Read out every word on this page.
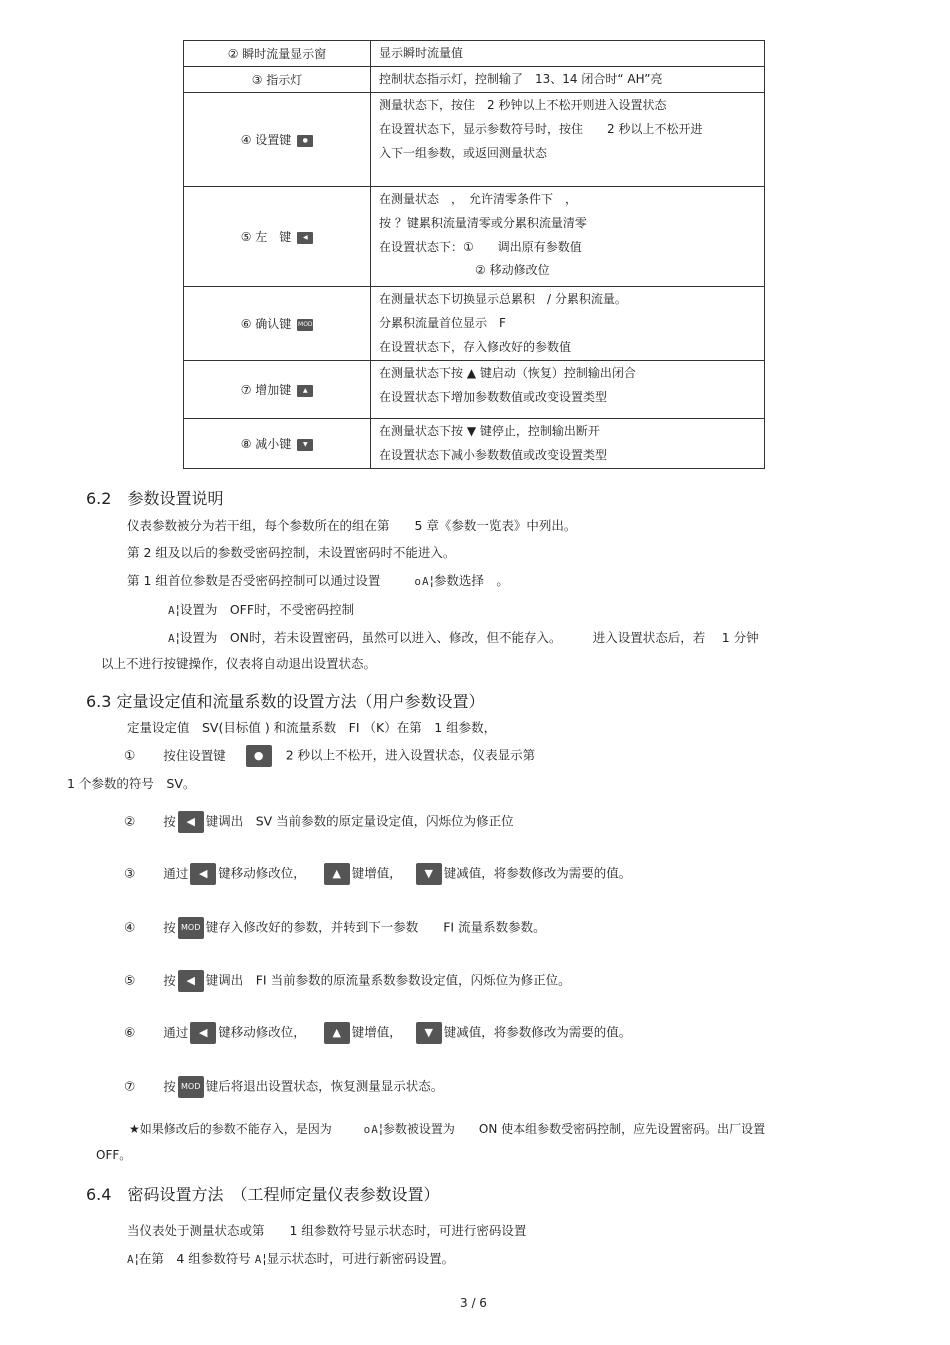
② 瞬时流量显示窗	显示瞬时流量值

③ 指示灯	控制状态指示灯，控制输了　13、14 闭合时“ AH”亮

④ 设置键 ●	测量状态下，按住　2 秒钟以上不松开则进入设置状态
在设置状态下，显示参数符号时，按住　　2 秒以上不松开进
入下一组参数，或返回测量状态

⑤ 左　键 ◀	在测量状态　，　允许清零条件下　，
按 ？键累积流量清零或分累积流量清零
在设置状态下：①　　调出原有参数值
　　　　　　　　② 移动修改位

⑥ 确认键 MOD	在测量状态下切换显示总累积　/ 分累积流量。
分累积流量首位显示　F
在设置状态下，存入修改好的参数值

⑦ 增加键 ▲	在测量状态下按 ▲ 键启动（恢复）控制输出闭合
在设置状态下增加参数数值或改变设置类型

⑧ 减小键 ▼	在测量状态下按 ▼ 键停止，控制输出断开
在设置状态下减小参数数值或改变设置类型
6.2　参数设置说明
仪表参数被分为若干组，每个参数所在的组在第　　5 章《参数一览表》中列出。
第 2 组及以后的参数受密码控制，未设置密码时不能进入。
第 1 组首位参数是否受密码控制可以通过设置	oA¦参数选择　。
A¦设置为　OFF时，不受密码控制
A¦设置为　ON时，若未设置密码，虽然可以进入、修改，但不能存入。　　　进入设置状态后，若　 1 分钟
以上不进行按键操作，仪表将自动退出设置状态。
6.3 定量设定值和流量系数的设置方法（用户参数设置）
定量设定值　SV(目标值 ) 和流量系数　FI （K）在第　1 组参数，
① 按住设置键	● 2 秒以上不松开，进入设置状态，仪表显示第
1 个参数的符号　SV。
② 按 ◀ 键调出　SV 当前参数的原定量设定值，闪烁位为修正位
③ 通过 ◀ 键移动修改位， ▲ 键增值， ▼ 键减值，将参数修改为需要的值。
④ 按 MOD 键存入修改好的参数，并转到下一参数　　FI 流量系数参数。
⑤ 按 ◀ 键调出　FI 当前参数的原流量系数参数设定值，闪烁位为修正位。
⑥ 通过 ◀ 键移动修改位， ▲ 键增值， ▼ 键减值，将参数修改为需要的值。
⑦ 按 MOD 键后将退出设置状态，恢复测量显示状态。
★如果修改后的参数不能存入，是因为	oA¦参数被设置为　　ON 使本组参数受密码控制，应先设置密码。出厂设置
OFF。
6.4　密码设置方法　（工程师定量仪表参数设置）
当仪表处于测量状态或第　　1 组参数符号显示状态时，可进行密码设置
A¦在第　4 组参数符号 A¦显示状态时，可进行新密码设置。
3 / 6
